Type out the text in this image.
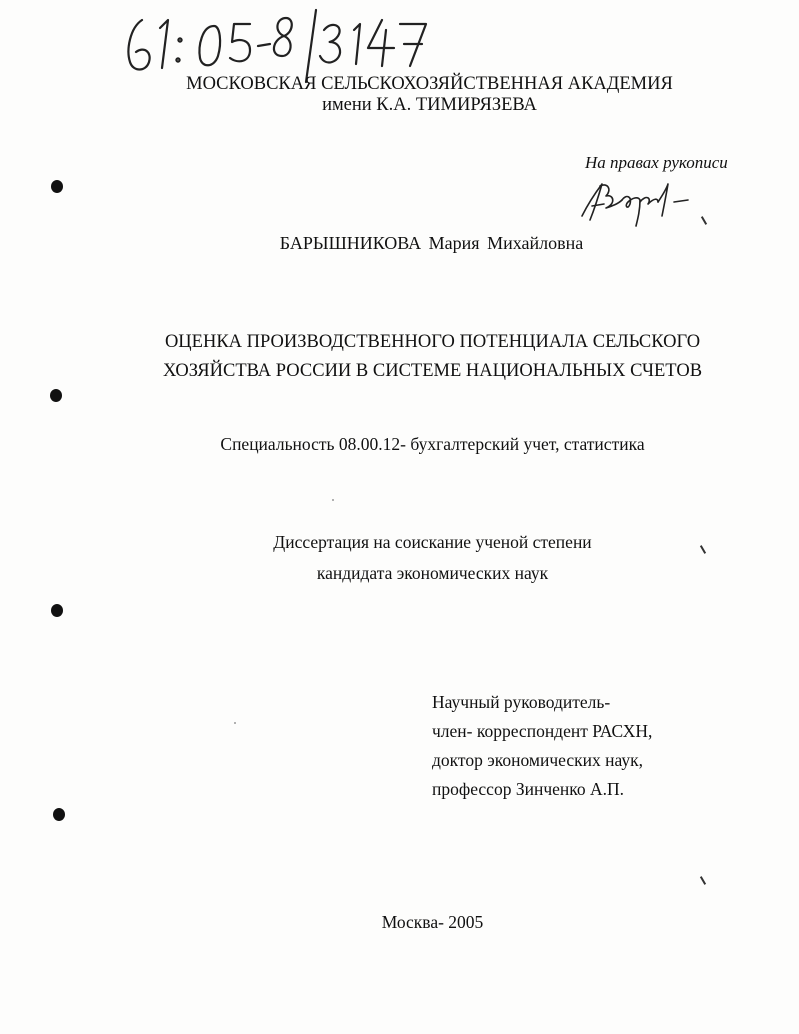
МОСКОВСКАЯ СЕЛЬСКОХОЗЯЙСТВЕННАЯ АКАДЕМИЯ
имени К.А. ТИМИРЯЗЕВА
На правах рукописи
БАРЫШНИКОВА Мария Михайловна
ОЦЕНКА ПРОИЗВОДСТВЕННОГО ПОТЕНЦИАЛА СЕЛЬСКОГО
ХОЗЯЙСТВА РОССИИ В СИСТЕМЕ НАЦИОНАЛЬНЫХ СЧЕТОВ
Специальность 08.00.12- бухгалтерский учет, статистика
Диссертация на соискание ученой степени
кандидата экономических наук
Научный руководитель-
член- корреспондент РАСХН,
доктор экономических наук,
профессор Зинченко А.П.
Москва- 2005
